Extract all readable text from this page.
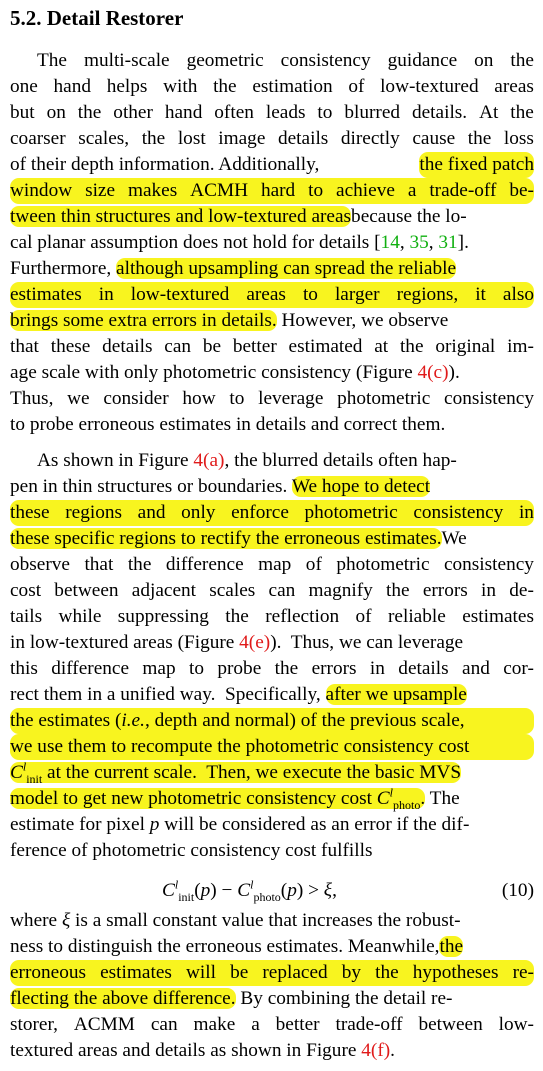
5.2. Detail Restorer
The multi-scale geometric consistency guidance on the
one hand helps with the estimation of low-textured areas
but on the other hand often leads to blurred details. At the
coarser scales, the lost image details directly cause the loss
of their depth information. Additionally,	the fixed patch
window size makes ACMH hard to achieve a trade-off be-
tween thin structures and low-textured areasbecause the lo-
cal planar assumption does not hold for details [14, 35, 31].
Furthermore, although upsampling can spread the reliable
estimates in low-textured areas to larger regions, it also
brings some extra errors in details. However, we observe
that these details can be better estimated at the original im-
age scale with only photometric consistency (Figure 4(c)).
Thus, we consider how to leverage photometric consistency
to probe erroneous estimates in details and correct them.
As shown in Figure 4(a), the blurred details often hap-
pen in thin structures or boundaries. We hope to detect
these regions and only enforce photometric consistency in
these specific regions to rectify the erroneous estimates.We
observe that the difference map of photometric consistency
cost between adjacent scales can magnify the errors in de-
tails while suppressing the reflection of reliable estimates
in low-textured areas (Figure 4(e)).  Thus, we can leverage
this difference map to probe the errors in details and cor-
rect them in a unified way.  Specifically, after we upsample
the estimates (i.e., depth and normal) of the previous scale,
we use them to recompute the photometric consistency cost
$C^l_{init}$ at the current scale.  Then, we execute the basic MVS
model to get new photometric consistency cost $C^l_{photo}$. The
estimate for pixel p will be considered as an error if the dif-
ference of photometric consistency cost fulfills
$C^l_{init}(p) - C^l_{photo}(p) > \xi$,	(10)
where ξ is a small constant value that increases the robust-
ness to distinguish the erroneous estimates. Meanwhile,the
erroneous estimates will be replaced by the hypotheses re-
flecting the above difference. By combining the detail re-
storer, ACMM can make a better trade-off between low-
textured areas and details as shown in Figure 4(f).
